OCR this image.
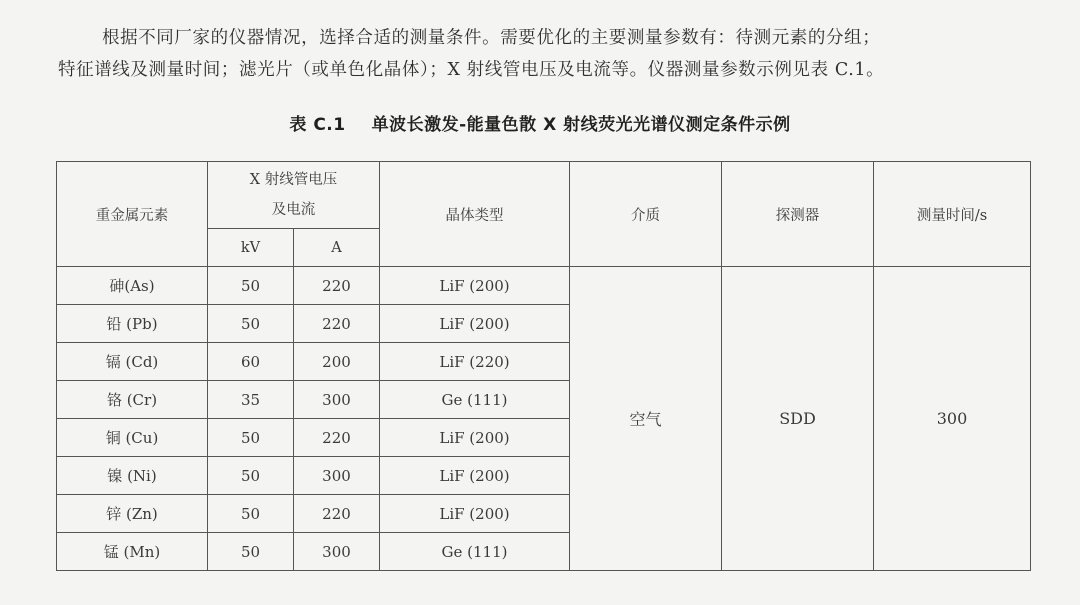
根据不同厂家的仪器情况，选择合适的测量条件。需要优化的主要测量参数有：待测元素的分组；
特征谱线及测量时间；滤光片（或单色化晶体）；X 射线管电压及电流等。仪器测量参数示例见表 C.1。
表 C.1 单波长激发-能量色散 X 射线荧光光谱仪测定条件示例
重金属元素	X 射线管电压
及电流		晶体类型	介质	探测器	测量时间/s
	kV	A				
砷(As)	50	220	LiF (200)	空气	SDD	300
铅 (Pb)	50	220	LiF (200)			
镉 (Cd)	60	200	LiF (220)			
铬 (Cr)	35	300	Ge (111)			
铜 (Cu)	50	220	LiF (200)			
镍 (Ni)	50	300	LiF (200)			
锌 (Zn)	50	220	LiF (200)			
锰 (Mn)	50	300	Ge (111)			
